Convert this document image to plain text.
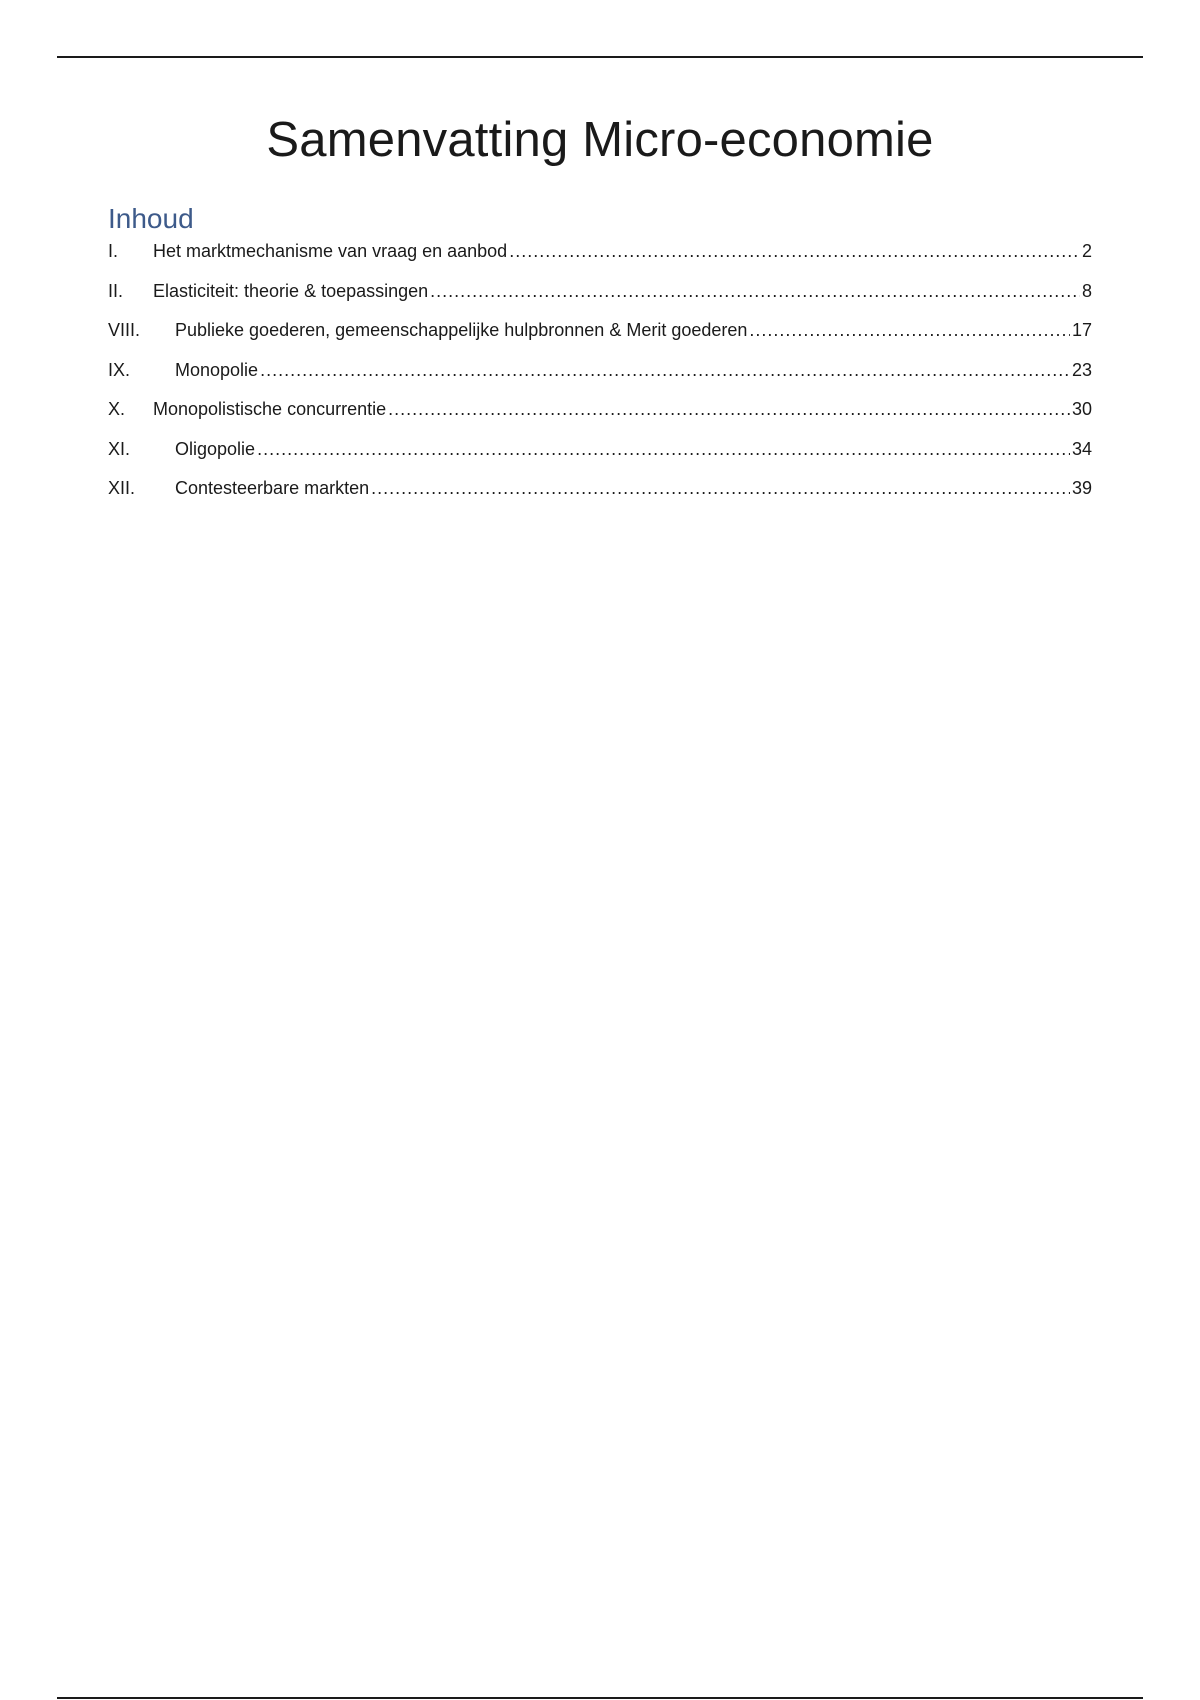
Samenvatting Micro-economie
Inhoud
I.	Het marktmechanisme van vraag en aanbod .....	2
II.	Elasticiteit: theorie & toepassingen .....	8
VIII.	Publieke goederen, gemeenschappelijke hulpbronnen & Merit goederen .....	17
IX.	Monopolie .....	23
X.	Monopolistische concurrentie .....	30
XI.	Oligopolie .....	34
XII.	Contesteerbare markten .....	39
